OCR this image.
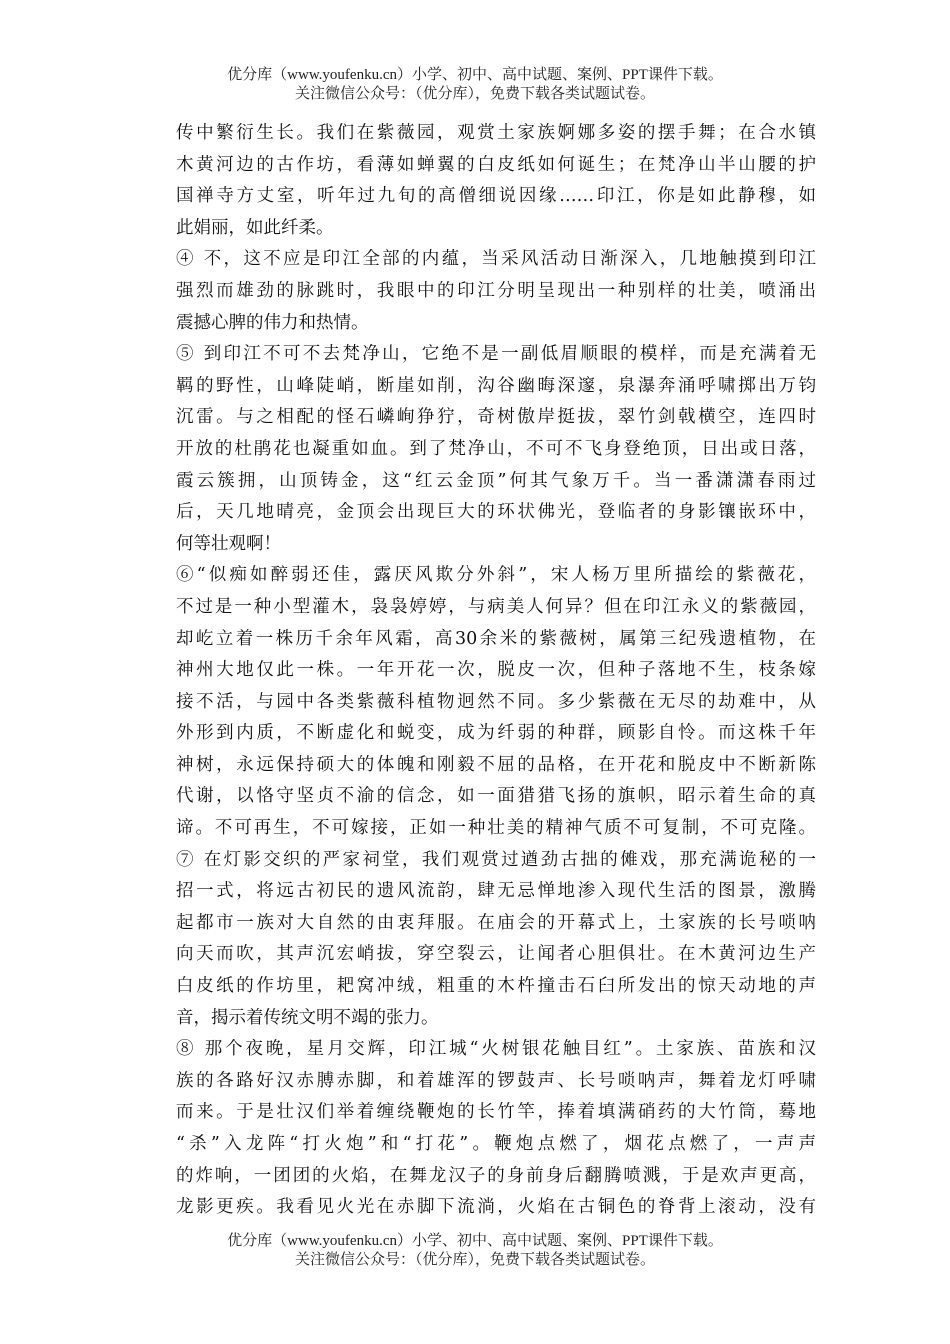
优分库（www.youfenku.cn）小学、初中、高中试题、案例、PPT课件下载。
关注微信公众号：（优分库），免费下载各类试题试卷。
传中繁衍生长。我们在紫薇园，观赏土家族婀娜多姿的摆手舞；在合水镇
木黄河边的古作坊，看薄如蝉翼的白皮纸如何诞生；在梵净山半山腰的护
国禅寺方丈室，听年过九旬的高僧细说因缘……印江，你是如此静穆，如
此娟丽，如此纤柔。
④ 不，这不应是印江全部的内蕴，当采风活动日渐深入，几地触摸到印江
强烈而雄劲的脉跳时，我眼中的印江分明呈现出一种别样的壮美，喷涌出
震撼心脾的伟力和热情。
⑤ 到印江不可不去梵净山，它绝不是一副低眉顺眼的模样，而是充满着无
羁的野性，山峰陡峭，断崖如削，沟谷幽晦深邃，泉瀑奔涌呼啸掷出万钧
沉雷。与之相配的怪石嶙峋狰狞，奇树傲岸挺拔，翠竹剑戟横空，连四时
开放的杜鹃花也凝重如血。到了梵净山，不可不飞身登绝顶，日出或日落，
霞云簇拥，山顶铸金，这“红云金顶”何其气象万千。当一番潇潇春雨过
后，天几地晴亮，金顶会出现巨大的环状佛光，登临者的身影镶嵌环中，
何等壮观啊！
⑥“似痴如醉弱还佳，露厌风欺分外斜”，宋人杨万里所描绘的紫薇花，
不过是一种小型灌木，袅袅婷婷，与病美人何异？但在印江永义的紫薇园，
却屹立着一株历千余年风霜，高30余米的紫薇树，属第三纪残遗植物，在
神州大地仅此一株。一年开花一次，脱皮一次，但种子落地不生，枝条嫁
接不活，与园中各类紫薇科植物迥然不同。多少紫薇在无尽的劫难中，从
外形到内质，不断虚化和蜕变，成为纤弱的种群，顾影自怜。而这株千年
神树，永远保持硕大的体魄和刚毅不屈的品格，在开花和脱皮中不断新陈
代谢，以恪守坚贞不渝的信念，如一面猎猎飞扬的旗帜，昭示着生命的真
谛。不可再生，不可嫁接，正如一种壮美的精神气质不可复制，不可克隆。
⑦ 在灯影交织的严家祠堂，我们观赏过遒劲古拙的傩戏，那充满诡秘的一
招一式，将远古初民的遗风流韵，肆无忌惮地渗入现代生活的图景，激腾
起都市一族对大自然的由衷拜服。在庙会的开幕式上，土家族的长号唢呐
向天而吹，其声沉宏峭拔，穿空裂云，让闻者心胆俱壮。在木黄河边生产
白皮纸的作坊里，耙窝冲绒，粗重的木杵撞击石臼所发出的惊天动地的声
音，揭示着传统文明不竭的张力。
⑧ 那个夜晚，星月交辉，印江城“火树银花触目红”。土家族、苗族和汉
族的各路好汉赤膊赤脚，和着雄浑的锣鼓声、长号唢呐声，舞着龙灯呼啸
而来。于是壮汉们举着缠绕鞭炮的长竹竿，捧着填满硝药的大竹筒，蓦地
“杀”入龙阵“打火炮”和“打花”。鞭炮点燃了，烟花点燃了，一声声
的炸响，一团团的火焰，在舞龙汉子的身前身后翻腾喷溅，于是欢声更高，
龙影更疾。我看见火光在赤脚下流淌，火焰在古铜色的脊背上滚动，没有
优分库（www.youfenku.cn）小学、初中、高中试题、案例、PPT课件下载。
关注微信公众号：（优分库），免费下载各类试题试卷。
